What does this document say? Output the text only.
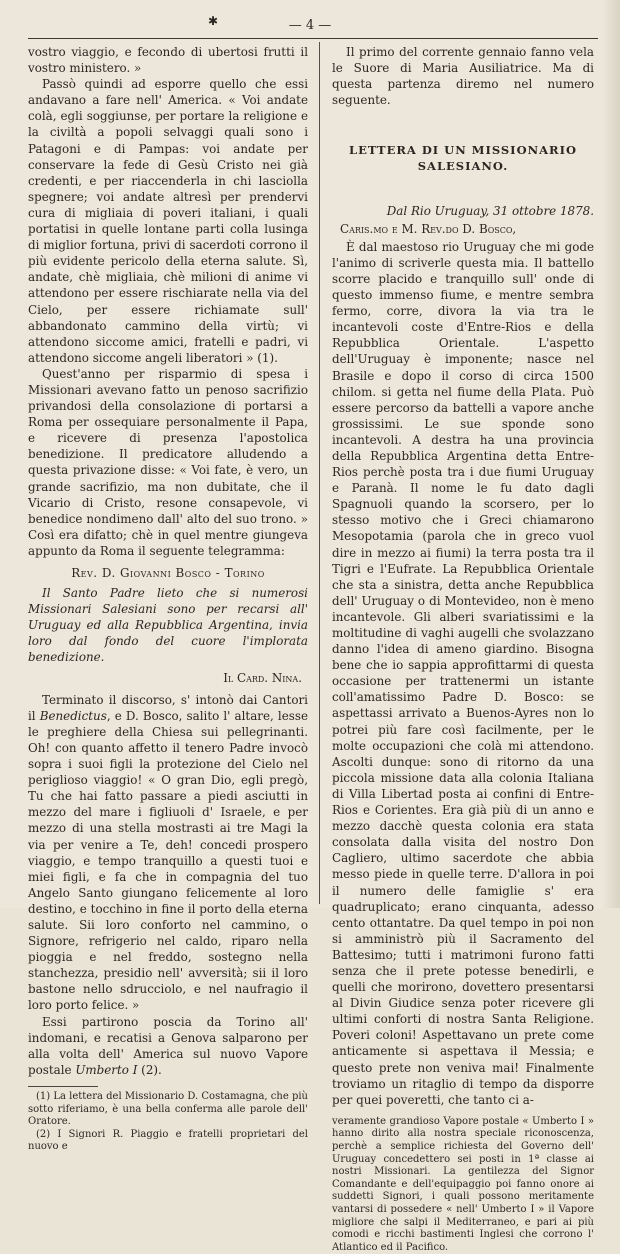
✱	— 4 —

vostro viaggio, e fecondo di ubertosi frutti il vostro ministero. »

Passò quindi ad esporre quello che essi andavano a fare nell' America. « Voi andate colà, egli soggiunse, per portare la religione e la civiltà a popoli selvaggi quali sono i Patagoni e di Pampas: voi andate per conservare la fede di Gesù Cristo nei già credenti, e per riaccenderla in chi lasciolla spegnere; voi andate altresì per prendervi cura di migliaia di poveri italiani, i quali portatisi in quelle lontane parti colla lusinga di miglior fortuna, privi di sacerdoti corrono il più evidente pericolo della eterna salute. Sì, andate, chè migliaia, chè milioni di anime vi attendono per essere rischiarate nella via del Cielo, per essere richiamate sull' abbandonato cammino della virtù; vi attendono siccome amici, fratelli e padri, vi attendono siccome angeli liberatori » (1).

Quest'anno per risparmio di spesa i Missionari avevano fatto un penoso sacrifizio privandosi della consolazione di portarsi a Roma per ossequiare personalmente il Papa, e ricevere di presenza l'apostolica benedizione. Il predicatore alludendo a questa privazione disse: « Voi fate, è vero, un grande sacrifizio, ma non dubitate, che il Vicario di Cristo, resone consapevole, vi benedice nondimeno dall' alto del suo trono. » Così era difatto; chè in quel mentre giungeva appunto da Roma il seguente telegramma:

Rev. D. Giovanni Bosco - Torino

Il Santo Padre lieto che si numerosi Missionari Salesiani sono per recarsi all' Uruguay ed alla Repubblica Argentina, invia loro dal fondo del cuore l'implorata benedizione.

Il Card. Nina.

Terminato il discorso, s' intonò dai Cantori il Benedictus, e D. Bosco, salito l' altare, lesse le preghiere della Chiesa sui pellegrinanti. Oh! con quanto affetto il tenero Padre invocò sopra i suoi figli la protezione del Cielo nel periglioso viaggio! « O gran Dio, egli pregò, Tu che hai fatto passare a piedi asciutti in mezzo del mare i figliuoli d' Israele, e per mezzo di una stella mostrasti ai tre Magi la via per venire a Te, deh! concedi prospero viaggio, e tempo tranquillo a questi tuoi e miei figli, e fa che in compagnia del tuo Angelo Santo giungano felicemente al loro destino, e tocchino in fine il porto della eterna salute. Sii loro conforto nel cammino, o Signore, refrigerio nel caldo, riparo nella pioggia e nel freddo, sostegno nella stanchezza, presidio nell' avversità; sii il loro bastone nello sdrucciolo, e nel naufragio il loro porto felice. »

Essi partirono poscia da Torino all' indomani, e recatisi a Genova salparono per alla volta dell' America sul nuovo Vapore postale Umberto I (2).

(1) La lettera del Missionario D. Costamagna, che più sotto riferiamo, è una bella conferma alle parole dell' Oratore.

(2) I Signori R. Piaggio e fratelli proprietari del nuovo e

Il primo del corrente gennaio fanno vela le Suore di Maria Ausiliatrice. Ma di questa partenza diremo nel numero seguente.

LETTERA DI UN MISSIONARIO SALESIANO.
Dal Rio Uruguay, 31 ottobre 1878.
Caris.mo e M. Rev.do D. Bosco,

È dal maestoso rio Uruguay che mi gode l'animo di scriverle questa mia. Il battello scorre placido e tranquillo sull' onde di questo immenso fiume, e mentre sembra fermo, corre, divora la via tra le incantevoli coste d'Entre-Rios e della Repubblica Orientale. L'aspetto dell'Uruguay è imponente; nasce nel Brasile e dopo il corso di circa 1500 chilom. si getta nel fiume della Plata. Può essere percorso da battelli a vapore anche grossissimi. Le sue sponde sono incantevoli. A destra ha una provincia della Repubblica Argentina detta Entre-Rios perchè posta tra i due fiumi Uruguay e Paranà. Il nome le fu dato dagli Spagnuoli quando la scorsero, per lo stesso motivo che i Greci chiamarono Mesopotamia (parola che in greco vuol dire in mezzo ai fiumi) la terra posta tra il Tigri e l'Eufrate. La Repubblica Orientale che sta a sinistra, detta anche Repubblica dell' Uruguay o di Montevideo, non è meno incantevole. Gli alberi svariatissimi e la moltitudine di vaghi augelli che svolazzano danno l'idea di ameno giardino. Bisogna bene che io sappia approfittarmi di questa occasione per trattenermi un istante coll'amatissimo Padre D. Bosco: se aspettassi arrivato a Buenos-Ayres non lo potrei più fare così facilmente, per le molte occupazioni che colà mi attendono. Ascolti dunque: sono di ritorno da una piccola missione data alla colonia Italiana di Villa Libertad posta ai confini di Entre-Rios e Corientes. Era già più di un anno e mezzo dacchè questa colonia era stata consolata dalla visita del nostro Don Cagliero, ultimo sacerdote che abbia messo piede in quelle terre. D'allora in poi il numero delle famiglie s' era quadruplicato; erano cinquanta, adesso cento ottantatre. Da quel tempo in poi non si amministrò più il Sacramento del Battesimo; tutti i matrimoni furono fatti senza che il prete potesse benedirli, e quelli che morirono, dovettero presentarsi al Divin Giudice senza poter ricevere gli ultimi conforti di nostra Santa Religione. Poveri coloni! Aspettavano un prete come anticamente si aspettava il Messia; e questo prete non veniva mai! Finalmente troviamo un ritaglio di tempo da disporre per quei poveretti, che tanto ci a-

veramente grandioso Vapore postale « Umberto I » hanno dirito alla nostra speciale riconoscenza, perchè a semplice richiesta del Governo dell' Uruguay concedettero sei posti in 1ª classe ai nostri Missionari. La gentilezza del Signor Comandante e dell'equipaggio poi fanno onore ai suddetti Signori, i quali possono meritamente vantarsi di possedere « nell' Umberto I » il Vapore migliore che salpi il Mediterraneo, e pari ai più comodi e ricchi bastimenti Inglesi che corrono l' Atlantico ed il Pacifico.
